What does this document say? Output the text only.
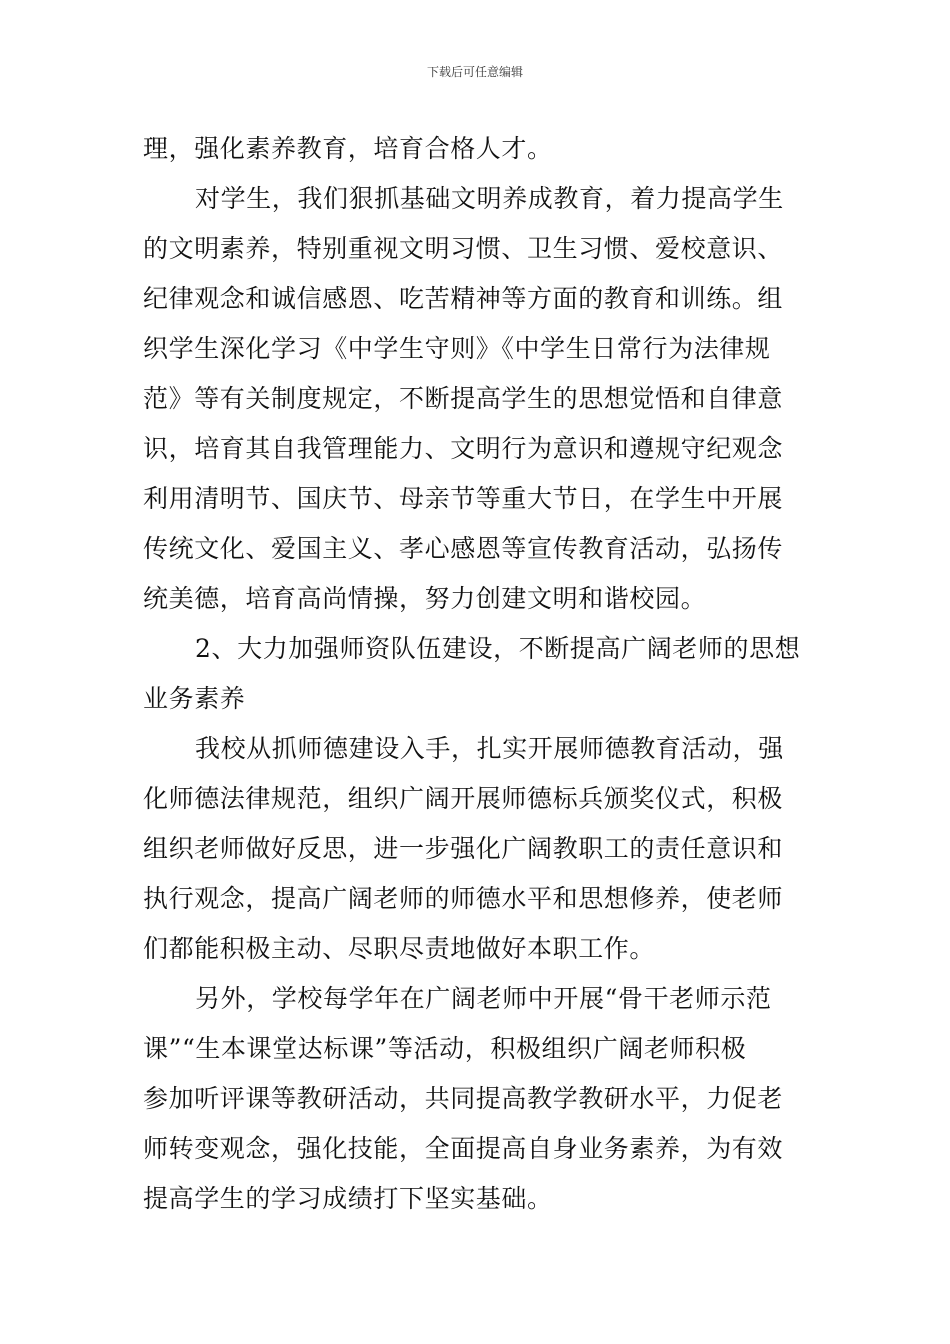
下载后可任意编辑
理，强化素养教育，培育合格人才。
对学生，我们狠抓基础文明养成教育，着力提高学生
的文明素养，特别重视文明习惯、卫生习惯、爱校意识、
纪律观念和诚信感恩、吃苦精神等方面的教育和训练。组
织学生深化学习《中学生守则》《中学生日常行为法律规
范》等有关制度规定，不断提高学生的思想觉悟和自律意
识，培育其自我管理能力、文明行为意识和遵规守纪观念
利用清明节、国庆节、母亲节等重大节日，在学生中开展
传统文化、爱国主义、孝心感恩等宣传教育活动，弘扬传
统美德，培育高尚情操，努力创建文明和谐校园。
2、大力加强师资队伍建设，不断提高广阔老师的思想
业务素养
我校从抓师德建设入手，扎实开展师德教育活动，强
化师德法律规范，组织广阔开展师德标兵颁奖仪式，积极
组织老师做好反思，进一步强化广阔教职工的责任意识和
执行观念，提高广阔老师的师德水平和思想修养，使老师
们都能积极主动、尽职尽责地做好本职工作。
另外，学校每学年在广阔老师中开展“骨干老师示范
课”“生本课堂达标课”等活动，积极组织广阔老师积极
参加听评课等教研活动，共同提高教学教研水平，力促老
师转变观念，强化技能，全面提高自身业务素养，为有效
提高学生的学习成绩打下坚实基础。
